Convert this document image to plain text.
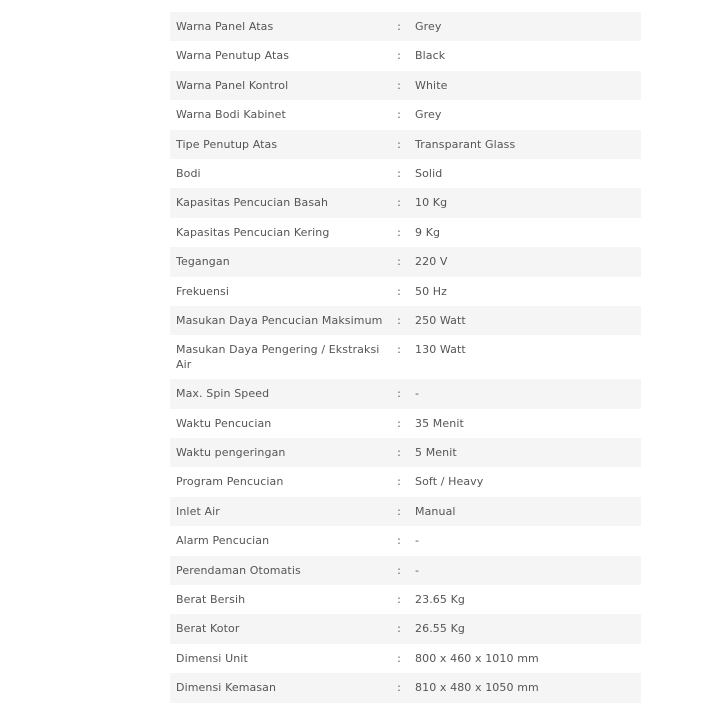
Warna Panel Atas	:	Grey
Warna Penutup Atas	:	Black
Warna Panel Kontrol	:	White
Warna Bodi Kabinet	:	Grey
Tipe Penutup Atas	:	Transparant Glass
Bodi	:	Solid
Kapasitas Pencucian Basah	:	10 Kg
Kapasitas Pencucian Kering	:	9 Kg
Tegangan	:	220 V
Frekuensi	:	50 Hz
Masukan Daya Pencucian Maksimum	:	250 Watt
Masukan Daya Pengering / Ekstraksi Air	:	130 Watt
Max. Spin Speed	:	-
Waktu Pencucian	:	35 Menit
Waktu pengeringan	:	5 Menit
Program Pencucian	:	Soft / Heavy
Inlet Air	:	Manual
Alarm Pencucian	:	-
Perendaman Otomatis	:	-
Berat Bersih	:	23.65 Kg
Berat Kotor	:	26.55 Kg
Dimensi Unit	:	800 x 460 x 1010 mm
Dimensi Kemasan	:	810 x 480 x 1050 mm
